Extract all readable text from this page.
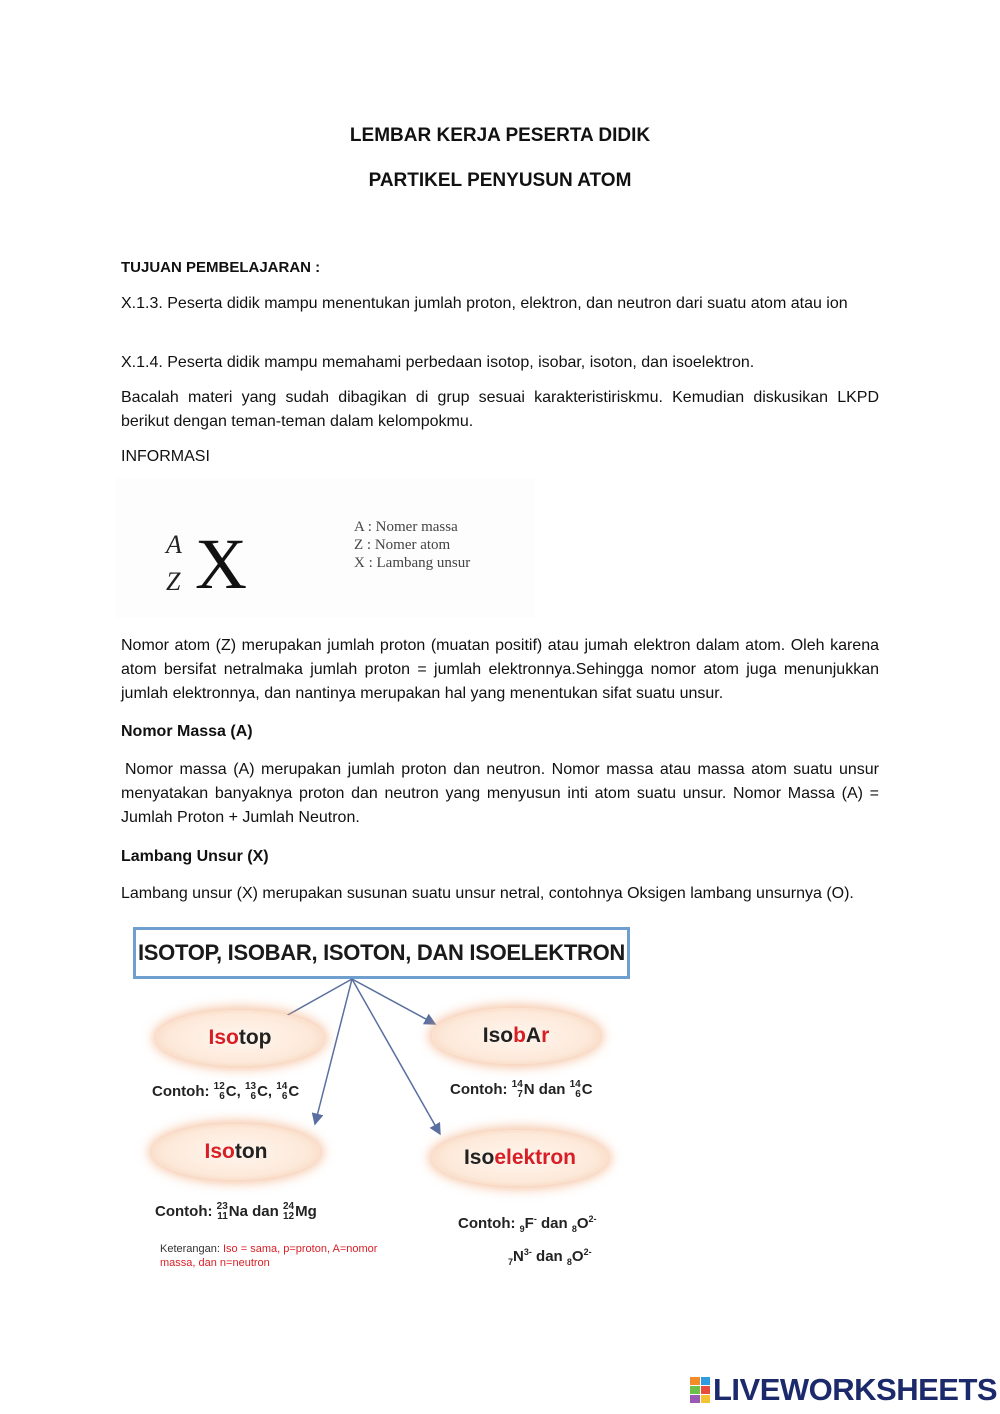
LEMBAR KERJA PESERTA DIDIK
PARTIKEL PENYUSUN ATOM

TUJUAN PEMBELAJARAN :

X.1.3. Peserta didik mampu menentukan jumlah proton, elektron, dan neutron dari suatu atom atau ion

X.1.4. Peserta didik mampu memahami perbedaan isotop, isobar, isoton, dan isoelektron.

Bacalah materi yang sudah dibagikan di grup sesuai karakteristiriskmu. Kemudian diskusikan LKPD berikut dengan teman-teman dalam kelompokmu.

INFORMASI

A
Z X	A : Nomer massa
Z : Nomer atom
X : Lambang unsur

Nomor atom (Z) merupakan jumlah proton (muatan positif) atau jumah elektron dalam atom. Oleh karena atom bersifat netralmaka jumlah proton = jumlah elektronnya.Sehingga nomor atom juga menunjukkan jumlah elektronnya, dan nantinya merupakan hal yang menentukan sifat suatu unsur.

Nomor Massa (A)

Nomor massa (A) merupakan jumlah proton dan neutron. Nomor massa atau massa atom suatu unsur menyatakan banyaknya proton dan neutron yang menyusun inti atom suatu unsur. Nomor Massa (A) = Jumlah Proton + Jumlah Neutron.

Lambang Unsur (X)

Lambang unsur (X) merupakan susunan suatu unsur netral, contohnya Oksigen lambang unsurnya (O).

ISOTOP, ISOBAR, ISOTON, DAN ISOELEKTRON
Iso top
Contoh: 12
6 C, 13
6 C, 14
6 C
Iso b A r
Contoh: 14
7 N dan 14
6 C
Iso ton
Contoh: 23
11 Na dan 24
12 Mg
Iso elektron
Contoh: $_9$F- dan $_8O^{2-}$
$_7N^{3-}$ dan $_8O^{2-}$
Keterangan: Iso = sama, p=proton, A=nomor massa, dan n=neutron
LIVEWORKSHEETS
